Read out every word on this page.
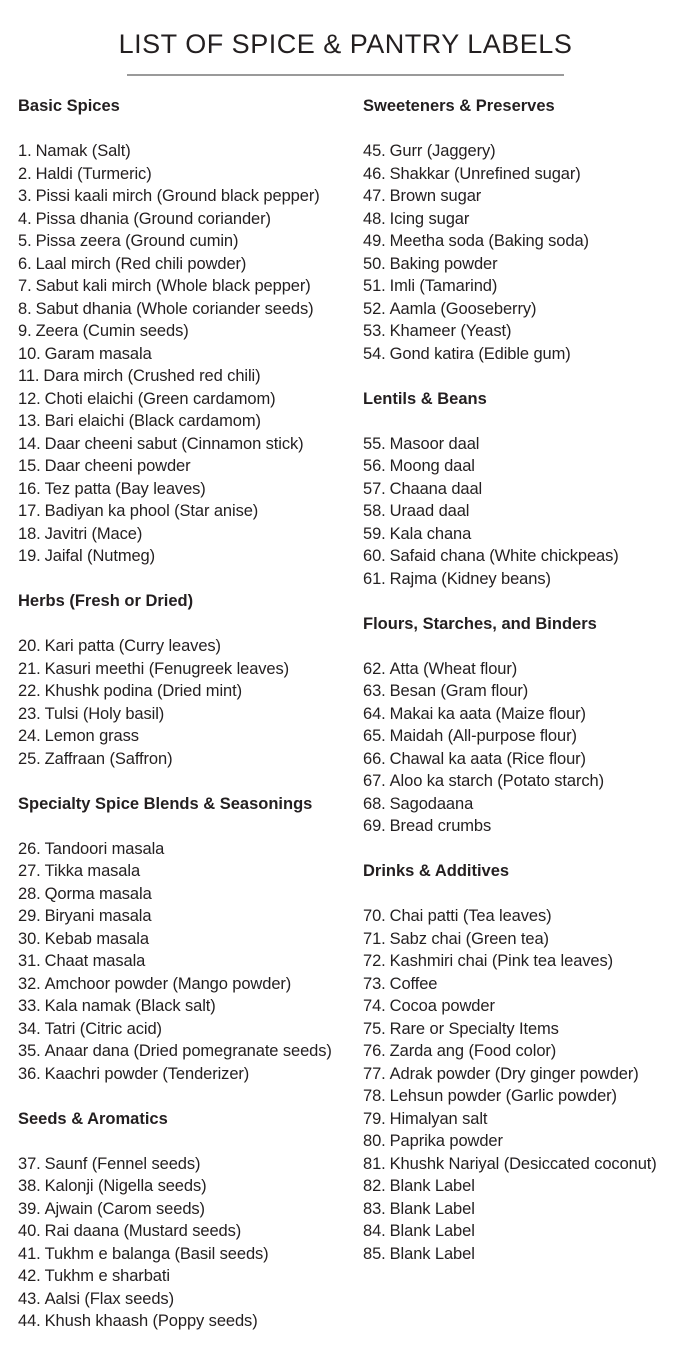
LIST OF SPICE & PANTRY LABELS
Basic Spices
1. Namak (Salt)
2. Haldi (Turmeric)
3. Pissi kaali mirch (Ground black pepper)
4. Pissa dhania (Ground coriander)
5. Pissa zeera (Ground cumin)
6. Laal mirch (Red chili powder)
7. Sabut kali mirch (Whole black pepper)
8. Sabut dhania (Whole coriander seeds)
9. Zeera (Cumin seeds)
10. Garam masala
11. Dara mirch (Crushed red chili)
12. Choti elaichi (Green cardamom)
13. Bari elaichi (Black cardamom)
14. Daar cheeni sabut (Cinnamon stick)
15. Daar cheeni powder
16. Tez patta (Bay leaves)
17. Badiyan ka phool (Star anise)
18. Javitri (Mace)
19. Jaifal (Nutmeg)
Herbs (Fresh or Dried)
20. Kari patta (Curry leaves)
21. Kasuri meethi (Fenugreek leaves)
22. Khushk podina (Dried mint)
23. Tulsi (Holy basil)
24. Lemon grass
25. Zaffraan (Saffron)
Specialty Spice Blends & Seasonings
26. Tandoori masala
27. Tikka masala
28. Qorma masala
29. Biryani masala
30. Kebab masala
31. Chaat masala
32. Amchoor powder (Mango powder)
33. Kala namak (Black salt)
34. Tatri (Citric acid)
35. Anaar dana (Dried pomegranate seeds)
36. Kaachri powder (Tenderizer)
Seeds & Aromatics
37. Saunf (Fennel seeds)
38. Kalonji (Nigella seeds)
39. Ajwain (Carom seeds)
40. Rai daana (Mustard seeds)
41. Tukhm e balanga (Basil seeds)
42. Tukhm e sharbati
43. Aalsi (Flax seeds)
44. Khush khaash (Poppy seeds)
Sweeteners & Preserves
45. Gurr (Jaggery)
46. Shakkar (Unrefined sugar)
47. Brown sugar
48. Icing sugar
49. Meetha soda (Baking soda)
50. Baking powder
51. Imli (Tamarind)
52. Aamla (Gooseberry)
53. Khameer (Yeast)
54. Gond katira (Edible gum)
Lentils & Beans
55. Masoor daal
56. Moong daal
57. Chaana daal
58. Uraad daal
59. Kala chana
60. Safaid chana (White chickpeas)
61. Rajma (Kidney beans)
Flours, Starches, and Binders
62. Atta (Wheat flour)
63. Besan (Gram flour)
64. Makai ka aata (Maize flour)
65. Maidah (All-purpose flour)
66. Chawal ka aata (Rice flour)
67. Aloo ka starch (Potato starch)
68. Sagodaana
69. Bread crumbs
Drinks & Additives
70. Chai patti (Tea leaves)
71. Sabz chai (Green tea)
72. Kashmiri chai (Pink tea leaves)
73. Coffee
74. Cocoa powder
75. Rare or Specialty Items
76. Zarda ang (Food color)
77. Adrak powder (Dry ginger powder)
78. Lehsun powder (Garlic powder)
79. Himalyan salt
80. Paprika powder
81. Khushk Nariyal (Desiccated coconut)
82. Blank Label
83. Blank Label
84. Blank Label
85. Blank Label
